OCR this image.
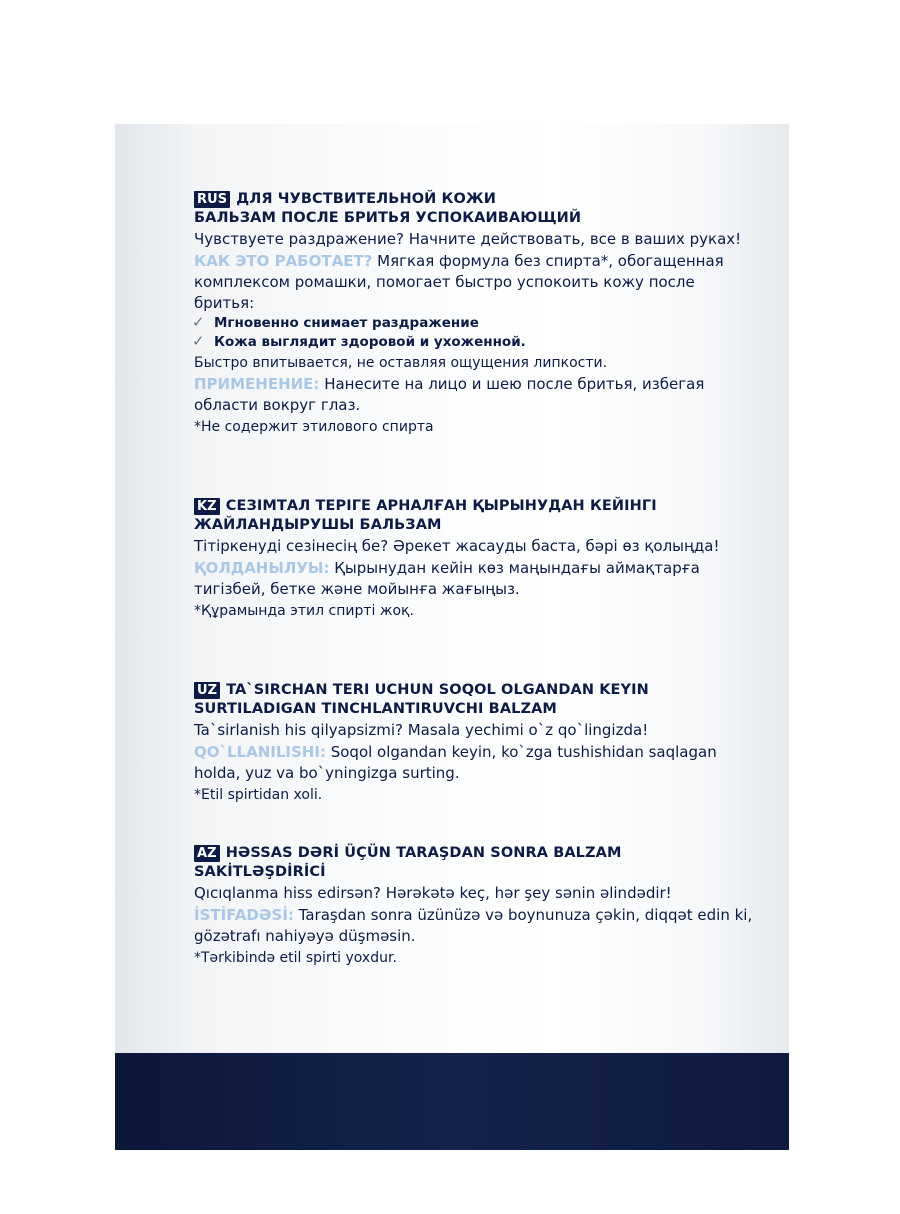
RUS ДЛЯ ЧУВСТВИТЕЛЬНОЙ КОЖИ
БАЛЬЗАМ ПОСЛЕ БРИТЬЯ УСПОКАИВАЮЩИЙ
Чувствуете раздражение? Начните действовать, все в ваших руках!
КАК ЭТО РАБОТАЕТ? Мягкая формула без спирта*, обогащенная комплексом ромашки, помогает быстро успокоить кожу после бритья:
✓ Мгновенно снимает раздражение
✓ Кожа выглядит здоровой и ухоженной.
Быстро впитывается, не оставляя ощущения липкости.
ПРИМЕНЕНИЕ: Нанесите на лицо и шею после бритья, избегая области вокруг глаз.
*Не содержит этилового спирта
KZ СЕЗІМТАЛ ТЕРІГЕ АРНАЛҒАН ҚЫРЫНУДАН КЕЙІНГІ
ЖАЙЛАНДЫРУШЫ БАЛЬЗАМ
Тітіркенуді сезінесің бе? Әрекет жасауды баста, бәрі өз қолыңда!
ҚОЛДАНЫЛУЫ: Қырынудан кейін көз маңындағы аймақтарға тигізбей, бетке және мойынға жағыңыз.
*Құрамында этил спирті жоқ.
UZ TA`SIRCHAN TERI UCHUN SOQOL OLGANDAN KEYIN
SURTILADIGAN TINCHLANTIRUVCHI BALZAM
Ta`sirlanish his qilyapsizmi? Masala yechimi o`z qo`lingizda!
QO`LLANILISHI: Soqol olgandan keyin, ko`zga tushishidan saqlagan holda, yuz va bo`yningizga surting.
*Etil spirtidan xoli.
AZ HƏSSAS DƏRİ ÜÇÜN TARAŞDAN SONRA BALZAM
SAKİTLƏŞDİRİCİ
Qıcıqlanma hiss edirsən? Hərəkətə keç, hər şey sənin əlindədir!
İSTİFADƏSİ: Taraşdan sonra üzünüzə və boynunuza çəkin, diqqət edin ki, gözətrafı nahiyəyə düşməsin.
*Tərkibində etil spirti yoxdur.
